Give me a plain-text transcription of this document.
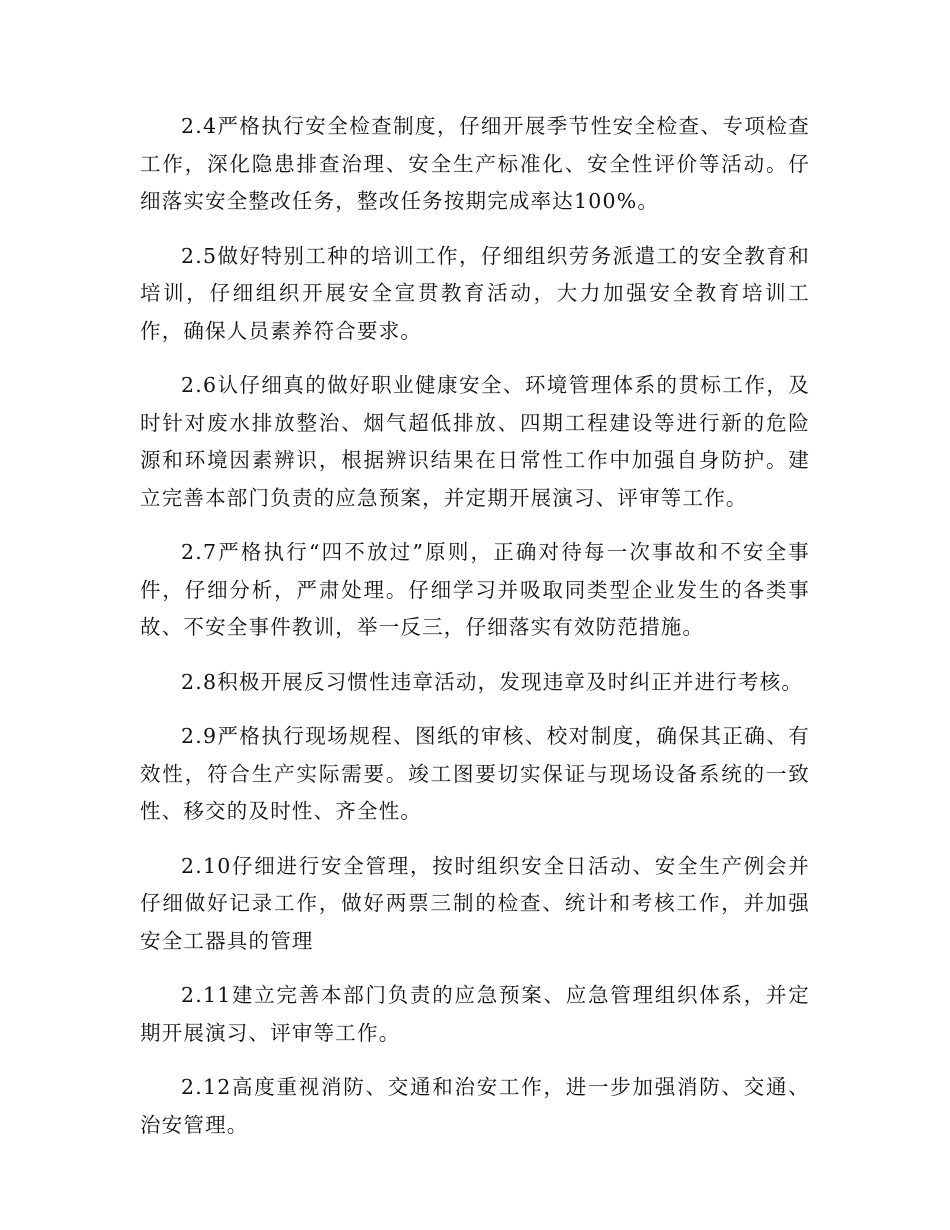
2.4严格执行安全检查制度，仔细开展季节性安全检查、专项检查工作，深化隐患排查治理、安全生产标准化、安全性评价等活动。仔细落实安全整改任务，整改任务按期完成率达100%。

2.5做好特别工种的培训工作，仔细组织劳务派遣工的安全教育和培训，仔细组织开展安全宣贯教育活动，大力加强安全教育培训工作，确保人员素养符合要求。

2.6认仔细真的做好职业健康安全、环境管理体系的贯标工作，及时针对废水排放整治、烟气超低排放、四期工程建设等进行新的危险源和环境因素辨识，根据辨识结果在日常性工作中加强自身防护。建立完善本部门负责的应急预案，并定期开展演习、评审等工作。

2.7严格执行“四不放过”原则，正确对待每一次事故和不安全事件，仔细分析，严肃处理。仔细学习并吸取同类型企业发生的各类事故、不安全事件教训，举一反三，仔细落实有效防范措施。

2.8积极开展反习惯性违章活动，发现违章及时纠正并进行考核。

2.9严格执行现场规程、图纸的审核、校对制度，确保其正确、有效性，符合生产实际需要。竣工图要切实保证与现场设备系统的一致性、移交的及时性、齐全性。

2.10仔细进行安全管理，按时组织安全日活动、安全生产例会并仔细做好记录工作，做好两票三制的检查、统计和考核工作，并加强安全工器具的管理

2.11建立完善本部门负责的应急预案、应急管理组织体系，并定期开展演习、评审等工作。

2.12高度重视消防、交通和治安工作，进一步加强消防、交通、治安管理。
